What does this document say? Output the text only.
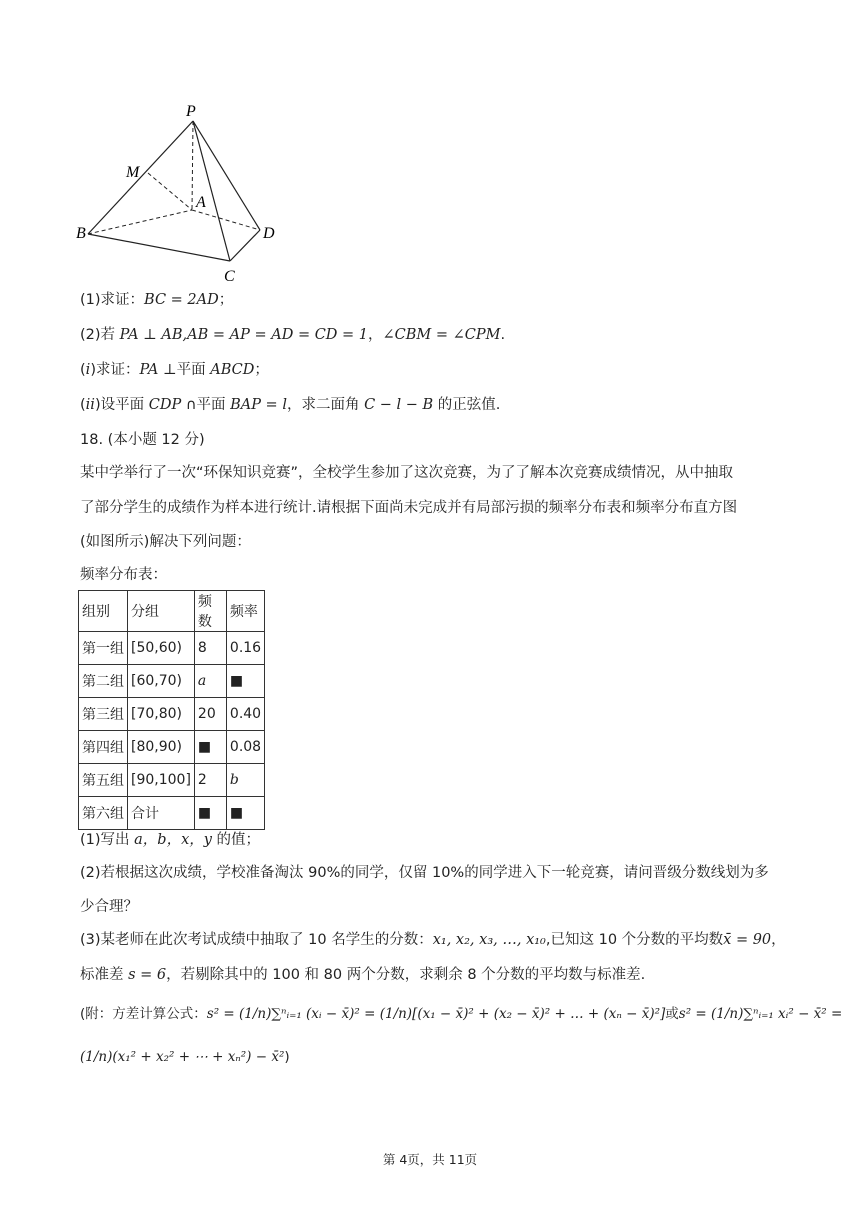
P
M
A
B
C
D
(1)求证：BC = 2AD；
(2)若 PA ⊥ AB,AB = AP = AD = CD = 1，∠CBM = ∠CPM.
(i)求证：PA ⊥平面 ABCD；
(ii)设平面 CDP ∩平面 BAP = l，求二面角 C − l − B 的正弦值.
18. (本小题 12 分)
某中学举行了一次“环保知识竞赛”，全校学生参加了这次竞赛，为了了解本次竞赛成绩情况，从中抽取
了部分学生的成绩作为样本进行统计.请根据下面尚未完成并有局部污损的频率分布表和频率分布直方图
(如图所示)解决下列问题：
频率分布表：
组别	分组	频数	频率
第一组	[50,60)	8	0.16
第二组	[60,70)	a	■
第三组	[70,80)	20	0.40
第四组	[80,90)	■	0.08
第五组	[90,100]	2	b
第六组	合计	■	■
(1)写出 a，b，x，y 的值；
(2)若根据这次成绩，学校准备淘汰 90%的同学，仅留 10%的同学进入下一轮竞赛，请问晋级分数线划为多
少合理？
(3)某老师在此次考试成绩中抽取了 10 名学生的分数：x₁, x₂, x₃, …, x₁₀,已知这 10 个分数的平均数x̄ = 90，
标准差 s = 6，若剔除其中的 100 和 80 两个分数，求剩余 8 个分数的平均数与标准差.
(附：方差计算公式：s² = (1/n)∑ⁿᵢ₌₁ (xᵢ − x̄)² = (1/n)[(x₁ − x̄)² + (x₂ − x̄)² + … + (xₙ − x̄)²]或s² = (1/n)∑ⁿᵢ₌₁ xᵢ² − x̄² =
(1/n)(x₁² + x₂² + ⋯ + xₙ²) − x̄²)
第 4页，共 11页
